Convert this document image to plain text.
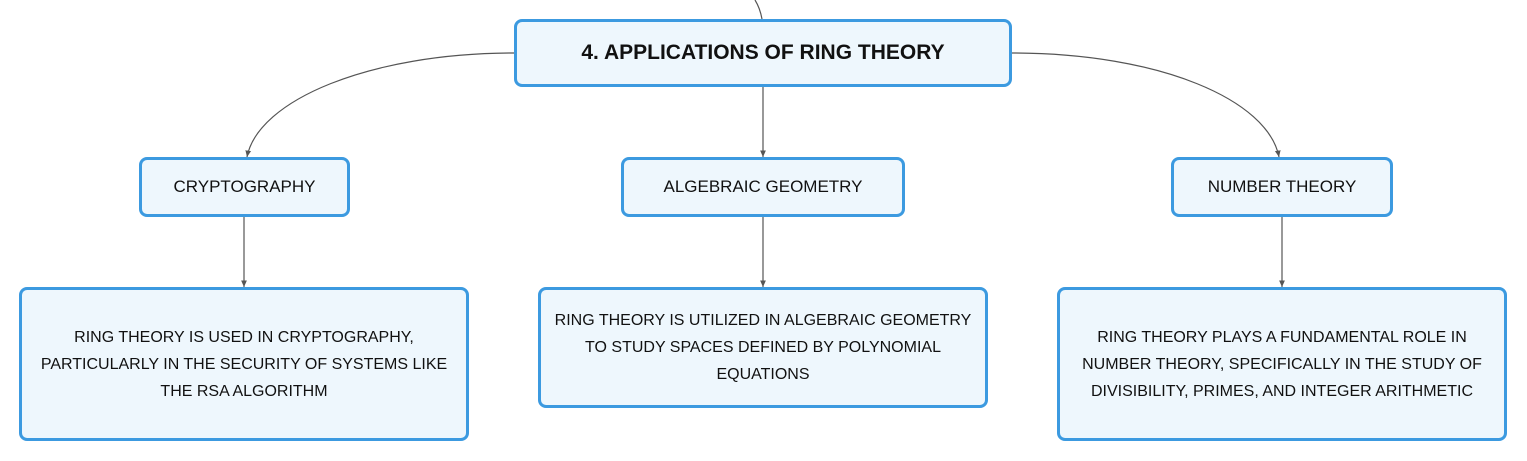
4. APPLICATIONS OF RING THEORY
CRYPTOGRAPHY	ALGEBRAIC GEOMETRY	NUMBER THEORY
RING THEORY IS USED IN CRYPTOGRAPHY, PARTICULARLY IN THE SECURITY OF SYSTEMS LIKE THE RSA ALGORITHM
RING THEORY IS UTILIZED IN ALGEBRAIC GEOMETRY TO STUDY SPACES DEFINED BY POLYNOMIAL EQUATIONS
RING THEORY PLAYS A FUNDAMENTAL ROLE IN NUMBER THEORY, SPECIFICALLY IN THE STUDY OF DIVISIBILITY, PRIMES, AND INTEGER ARITHMETIC
